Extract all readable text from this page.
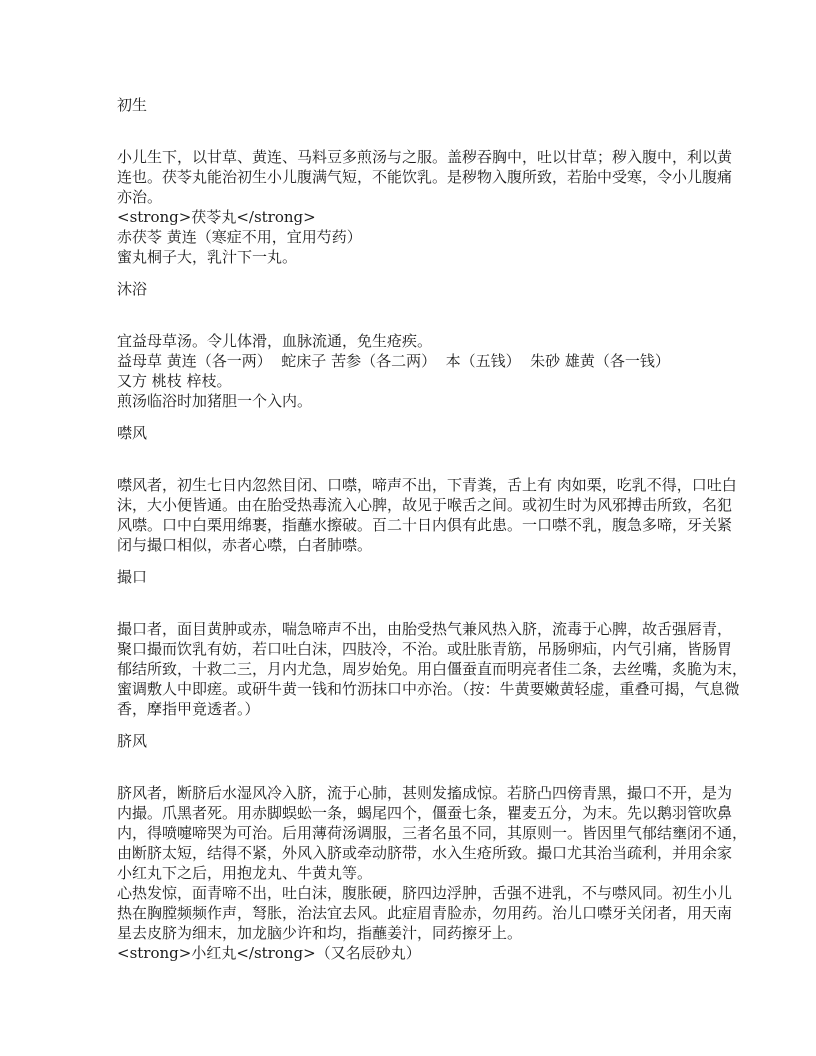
初生
小儿生下，以甘草、黄连、马料豆多煎汤与之服。盖秽吞胸中，吐以甘草；秽入腹中，利以黄
连也。茯苓丸能治初生小儿腹满气短，不能饮乳。是秽物入腹所致，若胎中受寒，令小儿腹痛
亦治。
<strong>茯苓丸</strong>
赤茯苓 黄连（寒症不用，宜用芍药）
蜜丸桐子大，乳汁下一丸。
沐浴
宜益母草汤。令儿体滑，血脉流通，免生疮疾。
益母草 黄连（各一两）  蛇床子 苦参（各二两）  本（五钱）  朱砂 雄黄（各一钱）
又方 桃枝 梓枝。
煎汤临浴时加猪胆一个入内。
噤风
噤风者，初生七日内忽然目闭、口噤，啼声不出，下青粪，舌上有 肉如栗，吃乳不得，口吐白
沫，大小便皆通。由在胎受热毒流入心脾，故见于喉舌之间。或初生时为风邪搏击所致，名犯
风噤。口中白栗用绵裹，指蘸水擦破。百二十日内俱有此患。一口噤不乳，腹急多啼，牙关紧
闭与撮口相似，赤者心噤，白者肺噤。
撮口
撮口者，面目黄肿或赤，喘急啼声不出，由胎受热气兼风热入脐，流毒于心脾，故舌强唇青，
聚口撮而饮乳有妨，若口吐白沫，四肢冷，不治。或肚胀青筋，吊肠卵疝，内气引痛，皆肠胃
郁结所致，十救二三，月内尤急，周岁始免。用白僵蚕直而明亮者佳二条，去丝嘴，炙脆为末，
蜜调敷人中即瘥。或研牛黄一钱和竹沥抹口中亦治。（按：牛黄要嫩黄轻虚，重叠可揭，气息微
香，摩指甲竟透者。）
脐风
脐风者，断脐后水湿风冷入脐，流于心肺，甚则发搐成惊。若脐凸四傍青黑，撮口不开，是为
内撮。爪黑者死。用赤脚蜈蚣一条，蝎尾四个，僵蚕七条，瞿麦五分，为末。先以鹅羽管吹鼻
内，得喷嚏啼哭为可治。后用薄荷汤调服，三者名虽不同，其原则一。皆因里气郁结壅闭不通，
由断脐太短，结得不紧，外风入脐或牵动脐带，水入生疮所致。撮口尤其治当疏利，并用余家
小红丸下之后，用抱龙丸、牛黄丸等。
心热发惊，面青啼不出，吐白沫，腹胀硬，脐四边浮肿，舌强不进乳，不与噤风同。初生小儿
热在胸膛频频作声，弩胀，治法宜去风。此症眉青脸赤，勿用药。治儿口噤牙关闭者，用天南
星去皮脐为细末，加龙脑少许和均，指蘸姜汁，同药擦牙上。
<strong>小红丸</strong>（又名辰砂丸）
